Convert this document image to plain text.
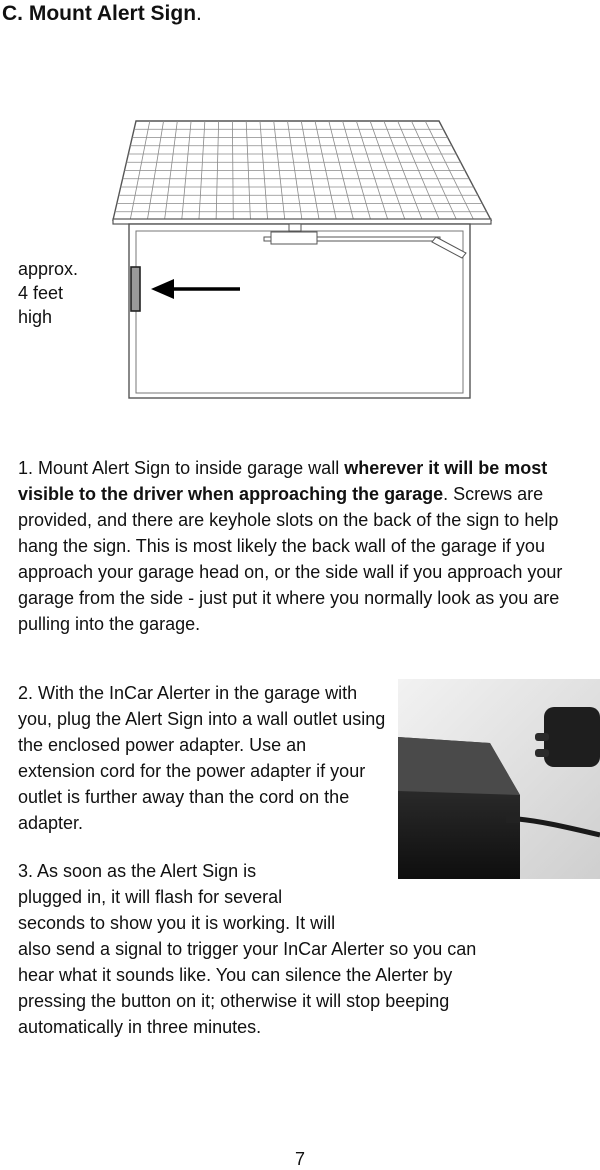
C. Mount Alert Sign.
approx.
4 feet
high

1. Mount Alert Sign to inside garage wall wherever it will be most visible to the driver when approaching the garage. Screws are provided, and there are keyhole slots on the back of the sign to help hang the sign. This is most likely the back wall of the garage if you approach your garage head on, or the side wall if you approach your garage from the side - just put it where you normally look as you are pulling into the garage.

2. With the InCar Alerter in the garage with you, plug the Alert Sign into a wall outlet using the enclosed power adapter. Use an extension cord for the power adapter if your outlet is further away than the cord on the adapter.

3. As soon as the Alert Sign is
plugged in, it will flash for several
seconds to show you it is working. It will
also send a signal to trigger your InCar Alerter so you can
hear what it sounds like. You can silence the Alerter by
pressing the button on it; otherwise it will stop beeping
automatically in three minutes.

7
